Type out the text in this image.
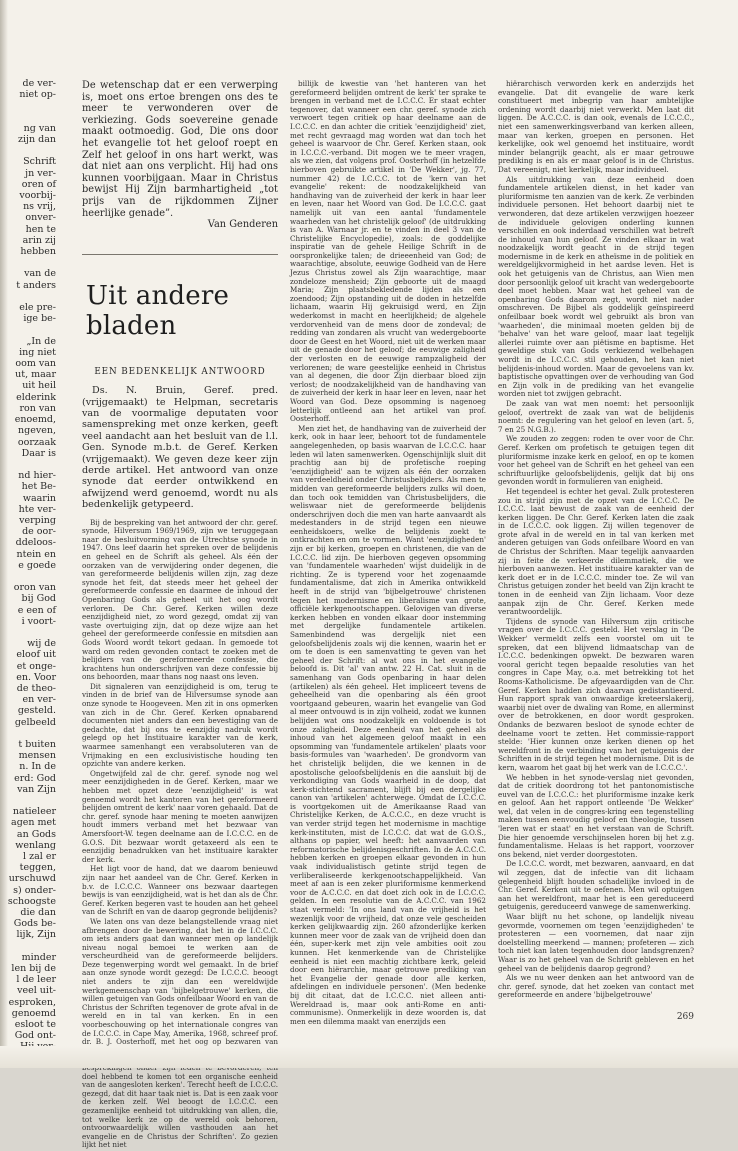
de ver-
niet op-

ng van
zijn dan

Schrift
jn ver-
oren of
voorbij-
ns vrij,
onver-
hen te
arin zij
hebben

van de
t anders

ele pre-
ige be-

„In de
ing niet
oom van
ut, maar
uit heil
elderink
ron van
enoemd,
ngeven,
oorzaak
Daar is

nd hier-
het Be-
waarin
hte ver-
verping
de oor-
ddeloos-
ntein en
e goede

oron van
bij God
e een of
i voort-

wij de
eloof uit
et onge-
en. Voor
de theo-
en ver-
gesteld.
gelbeeld

t buiten
mensen
n. In de
erd: God
van Zijn

natieleer
agen met
an Gods
wenlang
l zal er
teggen,
urschuwd
s) onder-
schoogste
die dan
Gods be-
lijk, Zijn

minder
len bij de
l de leer
veel uit-
esproken,
genoemd
esloot te
God ont-

De wetenschap dat er een verwerping is, moet ons ertoe brengen ons des te meer te verwonderen over de verkiezing. Gods soevereine genade maakt ootmoedig. God, Die ons door het evangelie tot het geloof roept en Zelf het geloof in ons hart werkt, was dat niet aan ons verplicht. Hij had ons kunnen voorbijgaan. Maar in Christus bewijst Hij Zijn barmhartigheid „tot prijs van de rijkdommen Zijner heerlijke genade”.

Van Genderen

Uit andere bladen
EEN BEDENKELIJK ANTWOORD

Ds. N. Bruin, Geref. pred. (vrijgemaakt) te Helpman, secretaris van de voormalige deputaten voor samenspreking met onze kerken, geeft veel aandacht aan het besluit van de l.l. Gen. Synode m.b.t. de Geref. Kerken (vrijgemaakt). We geven deze keer zijn derde artikel. Het antwoord van onze synode dat eerder ontwikkend en afwijzend werd genoemd, wordt nu als bedenkelijk getypeerd.

Bij de bespreking van het antwoord der chr. geref. synode, Hilversum 1969/1969, zijn we teruggegaan naar de besluitvorming van de Utrechtse synode in 1947. Ons leef daarin het spreken over de belijdenis en geheel en de Schrift als geheel. Als één der oorzaken van de verwijdering onder degenen, die van gereformeerde belijdenis willen zijn, zag deze synode het feit, dat steeds meer het geheel der gereformeerde confessie en daarmee de inhoud der Openbaring Gods als geheel uit het oog wordt verloren. De Chr. Geref. Kerken willen deze eenzijdigheid niet, zo word gezegd, omdat zij van vaste overtuiging zijn, dat op deze wijze aan het geheel der gereformeerde confessie en mitsdien aan Gods Woord wordt tekort gedaan. In gemoede tot ward om reden gevonden contact te zoeken met de belijders van de gereformeerde confessie, die krachtens hun onderschrijven van deze confessie bij ons behoorden, maar thans nog naast ons leven.

Dit signaleren van eenzijdigheid is om, terug te vinden in de brief van de Hilversumse synode aan onze synode te Hoogeveen. Men zit in ons opmerken van zich in de Chr. Geref. Kerken opnabarend documenten niet anders dan een bevestiging van de gedachte, dat bij ons te eenzijdig nadruk wordt gelegd op het Instituaire karakter van de kerk, waarmee samenhangt een verabsoluteren van de Vrijmaking en een exclusivistische houding ten opzichte van andere kerken.

Ongetwijfeld zal de chr. geref. synode nog wel meer eenzijdigheden in de Geref. Kerken, maar we hebben met opzet deze 'eenzijdigheid' is wat genoemd wordt het kantoren van het gereformeerd belijden omtrent de kerk' naar voren gehaald. Dat de chr. geref. synode haar mening te moeten aanwijzen houdt immers verband met het bezwaar van Amersfoort-W. tegen deelname aan de I.C.C.C. en de G.O.S. Dit bezwaar wordt getaxeerd als een te eenzijdig benadrukken van het instituaire karakter der kerk.

Het ligt voor de hand, dat we daarom benieuwd zijn naar het aandeel van de Chr. Geref. Kerken in b.v. de I.C.C.C. Wanneer ons bezwaar daartegen bewijs is van eenzijdigheid, wat is het dan als de Chr. Geref. Kerken begeren vast te houden aan het geheel van de Schrift en van de daarop gegronde belijdenis?

We laten ons van deze belangstellende vraag niet afbrengen door de bewering, dat het in de I.C.C.C. om iets anders gaat dan wanneer men op landelijk niveau nogal bemoei te werken aan de verscheurdheid van de gereformeerde belijders. Deze tegenwerping wordt wel gemaakt. In de brief aan onze synode wordt gezegd: De I.C.C.C. beoogt niet anders te zijn dan een wereldwijde werkgemeenschap van 'bijbelgetrouwe' kerken, die willen getuigen van Gods onfeilbaar Woord en van de Christus der Schriften tegenover de grote afval in de wereld en in tal van kerken. En in een voorbeschouwing op het internationale congres van de I.C.C.C. in Cape May, Amerika, 1968, schreef prof. dr. B. J. Oosterhoff, met het oog op bezwaren van doel hebbend te komen tot een organische eenheid van de aangesloten kerken'. Terecht heeft de I.C.C.C. gezegd, dat dit haar taak niet is. Dat is een zaak voor de kerken zelf. Wel beoogt de I.C.C.C. een gezamenlijke eenheid tot uitdrukking van allen, die, tot welke kerk ze op de wereld ook behoren, ontvoorwaardelijk willen vasthouden aan het evangelie en de Christus der Schriften'. Zo gezien lijkt het niet

billijk de kwestie van 'het hanteren van het gereformeerd belijden omtrent de kerk' ter sprake te brengen in verband met de I.C.C.C. Er staat echter tegenover, dat wanneer een chr. geref. synode zich verwoert tegen critiek op haar deelname aan de I.C.C.C. en dan achter die critiek 'eenzijdigheid' ziet, met recht gevraagd mag worden wat dan toch het geheel is waarvoor de Chr. Geref. Kerken staan, ook in I.C.C.C.-verband. Dit mogen we te meer vragen, als we zien, dat volgens prof. Oosterhoff (in hetzelfde hierboven gebruikte artikel in 'De Wekker', jg. 77, nummer 42) de I.C.C.C. tot de 'kern van het evangelie' rekent: de noodzakelijkheid van handhaving van de zuiverheid der kerk in haar leer en leven, naar het Woord van God. De I.C.C.C. gaat namelijk uit van een aantal 'fundamentele waarheden van het christelijk geloof' (de uitdrukking is van A. Warnaar jr. en te vinden in deel 3 van de Christelijke Encyclopedie), zoals: de goddelijke inspiratie van de gehele Heilige Schrift in de oorspronkelijke talen; de drieeenheid van God; de waarachtige, absolute, eeuwige Godheid van de Here Jezus Christus zowel als Zijn waarachtige, maar zondeloze mensheid; Zijn geboorte uit de maagd Maria; Zijn plaatsbekledende lijden als een zoendood; Zijn opstanding uit de doden in hetzelfde lichaam, waarin Hij gekruisigd werd, en Zijn wederkomst in macht en heerlijkheid; de algehele verdorvenheid van de mens door de zondeval; de redding van zondaren als vrucht van wedergeboorte door de Geest en het Woord, niet uit de werken maar uit de genade door het geloof; de eeuwige zaligheid der verlosten en de eeuwige rampzaligheid der verlorenen; de ware geestelijke eenheid in Christus van al degenen, die door Zijn dierbaar bloed zijn verlost; de noodzakelijkheid van de handhaving van de zuiverheid der kerk in haar leer en leven, naar het Woord van God. Deze opsomming is nagenoeg letterlijk ontleend aan het artikel van prof. Oosterhoff.

Men ziet het, de handhaving van de zuiverheid der kerk, ook in haar leer, behoort tot de fundamentele aangelegenheden, op basis waarvan de I.C.C.C. haar leden wil laten samenwerken. Ogenschijnlijk sluit dit prachtig aan bij de profetische roeping 'eenzijdigheid' aan te wijzen als één der oorzaken van verdeeldheid onder Christusbelijders. Als men te midden van gereformeerde belijders zulks wil doen, dan toch ook temidden van Christusbelijders, die weliswaar niet de gereformeerde belijdenis onderschrijven doch die men van harte aanvaardt als medestanders in de strijd tegen een nieuwe eenheidskoers, welke de belijdenis zoekt te ontkrachten en om te vormen. Want 'eenzijdigheden' zijn er bij kerken, groepen en christenen, die van de I.C.C.C. lid zijn. De hierboven gegeven opsomming van 'fundamentele waarheden' wijst duidelijk in de richting. Ze is typerend voor het zogenaamde fundamentalisme, dat zich in Amerika ontwikkeld heeft in de strijd van 'bijbelgetrouwe' christenen tegen het modernisme en liberalisme van grote, officiële kerkgenootschappen. Gelovigen van diverse kerken hebben en vonden elkaar door instemming met dergelijke fundamentele artikelen. Samenbindend was dergelijk niet een geloofsbelijdenis zoals wij die kennen, waarin het er om te doen is een samenvatting te geven van het geheel der Schrift: al wat ons in het evangelie beloofd is. Dit 'al' van antw. 22 H. Cat. sluit in de samenhang van Gods openbaring in haar delen (artikelen) als één geheel. Het impliceert tevens de geheelheid van die openbaring als één groot voortgaand gebeuren, waarin het evangelie van God al meer ontvouwd is in zijn volheid, zodat we kunnen belijden wat ons noodzakelijk en voldoende is tot onze zaligheid. Deze eenheid van het geheel als inhoud van het algemeen geloof maakt in een opsomming van 'fundamentele artikelen' plaats voor basis-formules van 'waarheden'. De grondvorm van het christelijk belijden, die we kennen in de apostolische geloofsbelijdenis en die aansluit bij de verkondiging van Gods waarheid in de doop, dat kerk-stichtend sacrament, blijft bij een dergelijke canon van 'artikelen' achterwege. Omdat de I.C.C.C. is voortgekomen uit de Amerikaanse Raad van Christelijke Kerken, de A.C.C.C., en deze vrucht is van verder strijd tegen het modernisme in machtige kerk-instituten, mist de I.C.C.C. dat wat de G.O.S., althans op papier, wel heeft: het aanvaarden van reformatorische belijdenisgeschriften. In de A.C.C.C. hebben kerken en groepen elkaar gevonden in hun vaak individualistisch getinte strijd tegen de verliberaliseerde kerkgenootschappelijkheid. Van meet af aan is een zeker pluriformisme kenmerkend voor de A.C.C.C. en dat doet zich ook in de I.C.C.C. gelden. In een resolutie van de A.C.C.C. van 1962 staat vermeld: 'In ons land van de vrijheid is het wezenlijk voor de vrijheid, dat onze vele gescheiden kerken gelijkwaardig zijn. 260 afzonderlijke kerken kunnen meer voor de zaak van de vrijheid doen dan één, super-kerk met zijn vele ambities ooit zou kunnen. Het kenmerkende van de Christelijke eenheid is niet een machtig zichtbare kerk, geleid door een hiërarchie, maar getrouwe prediking van het Evangelie der genade door alle kerken, afdelingen en individuele personen'. (Men bedenke bij dit citaat, dat de I.C.C.C. niet alleen anti-Wereldraad is, maar ook anti-Rome en anti-communisme). Onmerkelijk in deze woorden is, dat men een dilemma maakt van enerzijds een

hiërarchisch verworden kerk en anderzijds het evangelie. Dat dit evangelie de ware kerk constitueert met inbegrip van haar ambtelijke ordening wordt daarbij niet verwerkt. Men laat dit liggen. De A.C.C.C. is dan ook, evenals de I.C.C.C., niet een samenwerkingsverband van kerken alleen, maar van kerken, groepen en personen. Het kerkelijke, ook wel genoemd het instituaire, wordt minder belangrijk geacht, als er maar getrouwe prediking is en als er maar geloof is in de Christus. Dat vereenigt, niet kerkelijk, maar individueel.

Als uitdrukking van deze eenheid doen fundamentele artikelen dienst, in het kader van pluriformisme ten aanzien van de kerk. Ze verbinden individuele personen. Het behoort daarbij niet te verwonderen, dat deze artikelen verzwijgen hoezeer de individuele gelovigen onderling kunnen verschillen en ook inderdaad verschillen wat betreft de inhoud van hun geloof. Ze vinden elkaar in wat noodzakelijk wordt geacht in de strijd tegen modernisme in de kerk en atheïsme in de politiek en wereldgelijkvormigheid in het aardse leven. Het is ook het getuigenis van de Christus, aan Wien men door persoonlijk geloof uit kracht van wedergeboorte deel moet hebben. Maar wat het geheel van de openbaring Gods daarom zegt, wordt niet nader omschreven. De Bijbel als goddelijk geïnspireerd onfeilbaar boek wordt wel gebruikt als bron van 'waarheden', die minimaal moeten gelden bij de 'behalve' van het ware geloof, maar laat tegelijk allerlei ruimte over aan piëtisme en baptisme. Het geweldige stuk van Gods verkiezend welbehagen wordt in de I.C.C.C. stil gehouden, het kan niet belijdenis-inhoud worden. Maar de gevoelens van kv. baptistische opvattingen over de verhouding van God en Zijn volk in de prediking van het evangelie worden niet tot zwijgen gebracht.

De zaak van wat men noemt: het persoonlijk geloof, overtrekt de zaak van wat de belijdenis noemt: de regulering van het geloof en leven (art. 5, 7 en 25 N.G.B.).

We zouden zo zeggen: roden te over voor de Chr. Geref. Kerken om profetisch te getuigen tegen dit pluriformisme inzake kerk en geloof, en op te komen voor het geheel van de Schrift en het geheel van een schriftuurlijke geloofsbelijdenis, gelijk dat bij ons gevonden wordt in formulieren van enigheid.

Het tegendeel is echter het geval. Zulk protesteren zou in strijd zijn met de opzet van de I.C.C.C. De I.C.C.C. laat bewust de zaak van de eenheid der kerken liggen. De Chr. Geref. Kerken laten die zaak in de I.C.C.C. ook liggen. Zij willen tegenover de grote afval in de wereld en in tal van kerken met anderen getuigen van Gods onfeilbare Woord en van de Christus der Schriften. Maar tegelijk aanvaarden zij in feite de verkeerde dilemmatiek, die we hierboven aanwezen. Het instituaire karakter van de kerk doet er in de I.C.C.C. minder toe. Ze wil van Christus getuigen zonder het beeld van Zijn kracht te tonen in de eenheid van Zijn lichaam. Voor deze aanpak zijn de Chr. Geref. Kerken mede verantwoordelijk.

Tijdens de synode van Hilversum zijn critische vragen over de I.C.C.C. gesteld. Het verslag in 'De Wekker' vermeldt zelfs een voorstel om uit te spreken, dat een blijvend lidmaatschap van de I.C.C.C. bedenkingen opwekt. De bezwaren waren vooral gericht tegen bepaalde resoluties van het congres in Cape May, o.a. met betrekking tot het Rooms-Katholicisme. De afgevaardigden van de Chr. Geref. Kerken hadden zich daarvan gedistantieerd. Hun rapport sprak van onwaardige kreteerslakerij, waarbij niet over de dwaling van Rome, en allerminst over de betrokkenen, en door wordt gesproken. Ondanks de bezwaren besloot de synode echter de deelname voort te zetten. Het commissie-rapport stelde: 'Hier kunnen onze kerken dienen op het wereldfront in de verbinding van het getuigenis der Schriften in de strijd tegen het modernisme. Dit is de kern, waarom het gaat bij het werk van de I.C.C.C.'.

We hebben in het synode-verslag niet gevonden, dat de critiek doordrong tot het pantonomistische euvel van de I.C.C.C.: het pluriformisme inzake kerk en geloof. Aan het rapport ontleende 'De Wekker' wel, dat velen in de congres-kring een tegenstelling maken tussen eenvoudig geloof en theologie, tussen 'leren wat er staat' en het verstaan van de Schrift. Die hier genoemde verschijnselen horen bij het z.g. fundamentalisme. Helaas is het rapport, voorzover ons bekend, niet verder doorgestoten.

De I.C.C.C. wordt, met bezwaren, aanvaard, en dat wil zeggen, dat de infectie van dit lichaam gelegenheid blijft houden schadelijke invloed in de Chr. Geref. Kerken uit te oefenen. Men wil optuigen aan het wereldfront, maar het is een gereduceerd getuigenis, gereduceerd vanwege de samenwerking.

Waar blijft nu het schone, op landelijk niveau gevormde, voornemen om tegen 'eenzijdigheden' te protesteren — een voornemen, dat naar zijn doelstelling meerkend — mannen; profeteren — zich toch niet kan laten tegenhouden door landsgrenzen? Waar is zo het geheel van de Schrift gebleven en het geheel van de belijdenis daarop gegrond?

Als we nu weer denken aan het antwoord van de chr. geref. synode, dat het zoeken van contact met gereformeerde en andere 'bijbelgetrouwe'

269
